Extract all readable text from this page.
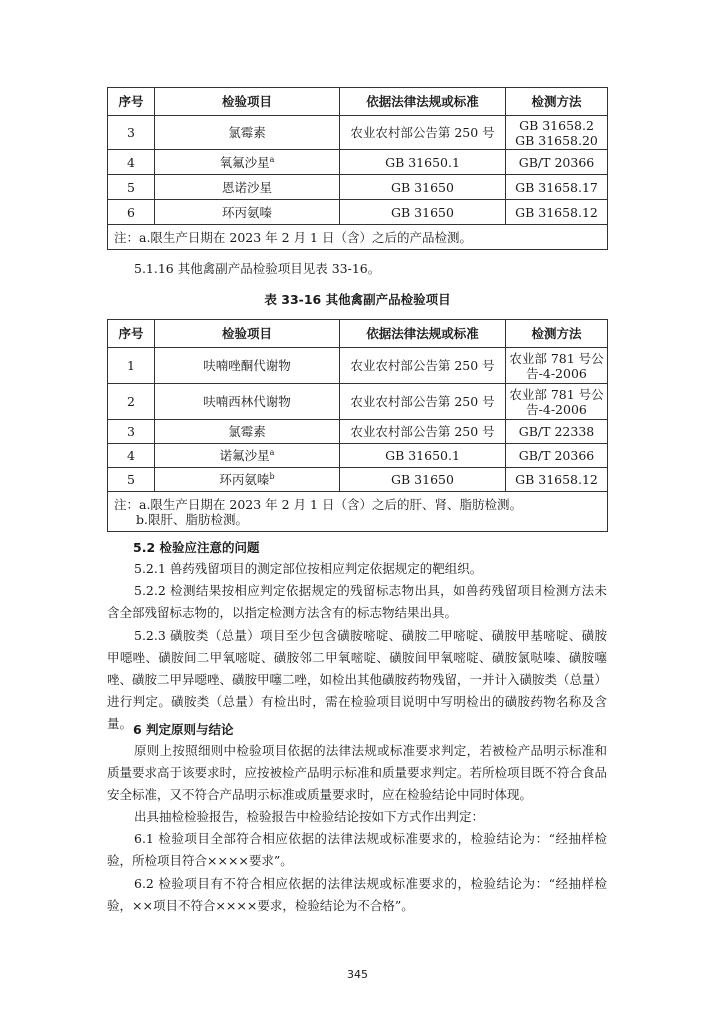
序号	检验项目	依据法律法规或标准	检测方法
3	氯霉素	农业农村部公告第 250 号	GB 31658.2
GB 31658.20

4	氧氟沙星$^a$	GB 31650.1	GB/T 20366
5	恩诺沙星	GB 31650	GB 31658.17
6	环丙氨嗪	GB 31650	GB 31658.12
注：a.限生产日期在 2023 年 2 月 1 日（含）之后的产品检测。			

5.1.16 其他禽副产品检验项目见表 33-16。

表 33-16 其他禽副产品检验项目

序号	检验项目	依据法律法规或标准	检测方法
1	呋喃唑酮代谢物	农业农村部公告第 250 号	农业部 781 号公
告-4-2006

2	呋喃西林代谢物	农业农村部公告第 250 号	农业部 781 号公
告-4-2006

3	氯霉素	农业农村部公告第 250 号	GB/T 22338
4	诺氟沙星$^a$	GB 31650.1	GB/T 20366
5	环丙氨嗪$^b$	GB 31650	GB 31658.12

注：a.限生产日期在 2023 年 2 月 1 日（含）之后的肝、肾、脂肪检测。
b.限肝、脂肪检测。			

5.2 检验应注意的问题

5.2.1 兽药残留项目的测定部位按相应判定依据规定的靶组织。

5.2.2 检测结果按相应判定依据规定的残留标志物出具，如兽药残留项目检测方法未含全部残留标志物的，以指定检测方法含有的标志物结果出具。

5.2.3 磺胺类（总量）项目至少包含磺胺嘧啶、磺胺二甲嘧啶、磺胺甲基嘧啶、磺胺甲噁唑、磺胺间二甲氧嘧啶、磺胺邻二甲氧嘧啶、磺胺间甲氧嘧啶、磺胺氯哒嗪、磺胺噻唑、磺胺二甲异噁唑、磺胺甲噻二唑，如检出其他磺胺药物残留，一并计入磺胺类（总量）进行判定。磺胺类（总量）有检出时，需在检验项目说明中写明检出的磺胺药物名称及含量。 6 判定原则与结论

原则上按照细则中检验项目依据的法律法规或标准要求判定，若被检产品明示标准和质量要求高于该要求时，应按被检产品明示标准和质量要求判定。若所检项目既不符合食品安全标准，又不符合产品明示标准或质量要求时，应在检验结论中同时体现。

出具抽检检验报告，检验报告中检验结论按如下方式作出判定：

6.1 检验项目全部符合相应依据的法律法规或标准要求的，检验结论为：“经抽样检验，所检项目符合××××要求”。

6.2 检验项目有不符合相应依据的法律法规或标准要求的，检验结论为：“经抽样检验，××项目不符合××××要求，检验结论为不合格”。

345
